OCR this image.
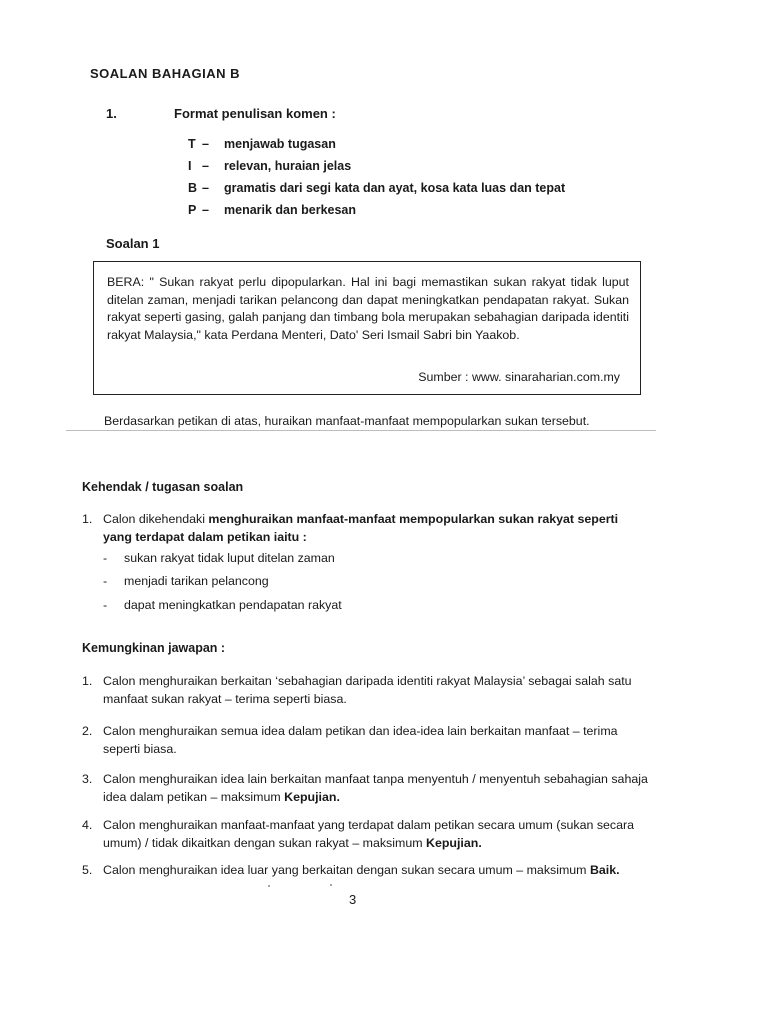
SOALAN BAHAGIAN B
1.	Format penulisan komen :
T – menjawab tugasan
I – relevan, huraian jelas
B – gramatis dari segi kata dan ayat, kosa kata luas dan tepat
P – menarik dan berkesan
Soalan 1
BERA: " Sukan rakyat perlu dipopularkan. Hal ini bagi memastikan sukan rakyat tidak luput ditelan zaman, menjadi tarikan pelancong dan dapat meningkatkan pendapatan rakyat. Sukan rakyat seperti gasing, galah panjang dan timbang bola merupakan sebahagian daripada identiti rakyat Malaysia," kata Perdana Menteri, Dato' Seri Ismail Sabri bin Yaakob.
Sumber : www. sinaraharian.com.my
Berdasarkan petikan di atas, huraikan manfaat-manfaat mempopularkan sukan tersebut.
Kehendak / tugasan soalan
1. Calon dikehendaki menghuraikan manfaat-manfaat mempopularkan sukan rakyat seperti yang terdapat dalam petikan iaitu :
- sukan rakyat tidak luput ditelan zaman
- menjadi tarikan pelancong
- dapat meningkatkan pendapatan rakyat
Kemungkinan jawapan :
1. Calon menghuraikan berkaitan ‘sebahagian daripada identiti rakyat Malaysia’ sebagai salah satu manfaat sukan rakyat – terima seperti biasa.
2. Calon menghuraikan semua idea dalam petikan dan idea-idea lain berkaitan manfaat – terima seperti biasa.
3. Calon menghuraikan idea lain berkaitan manfaat tanpa menyentuh / menyentuh sebahagian sahaja idea dalam petikan – maksimum Kepujian.
4. Calon menghuraikan manfaat-manfaat yang terdapat dalam petikan secara umum (sukan secara umum) / tidak dikaitkan dengan sukan rakyat – maksimum Kepujian.
5. Calon menghuraikan idea luar yang berkaitan dengan sukan secara umum – maksimum Baik.
3
